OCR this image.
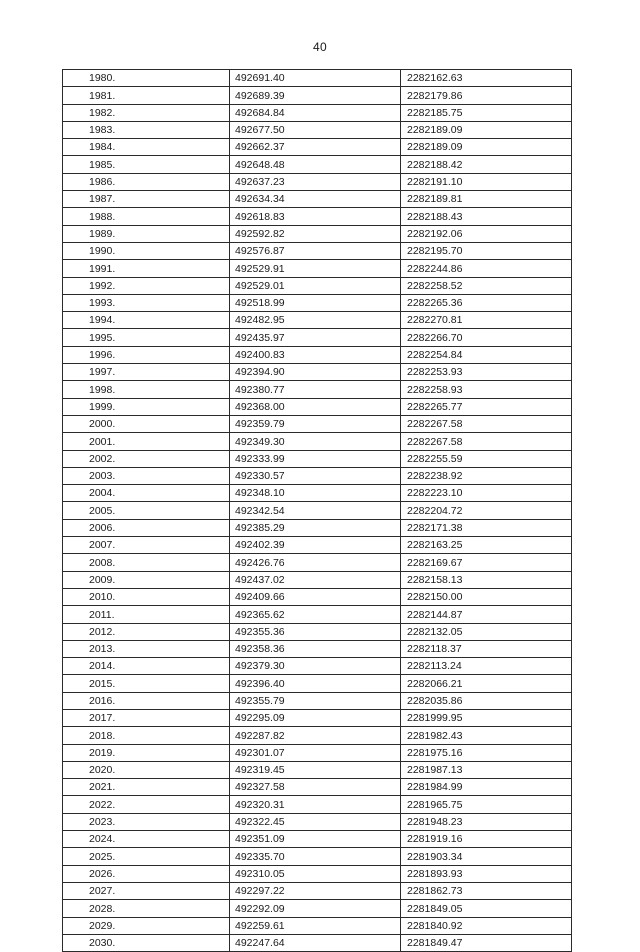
40
1980.	492691.40	2282162.63
1981.	492689.39	2282179.86
1982.	492684.84	2282185.75
1983.	492677.50	2282189.09
1984.	492662.37	2282189.09
1985.	492648.48	2282188.42
1986.	492637.23	2282191.10
1987.	492634.34	2282189.81
1988.	492618.83	2282188.43
1989.	492592.82	2282192.06
1990.	492576.87	2282195.70
1991.	492529.91	2282244.86
1992.	492529.01	2282258.52
1993.	492518.99	2282265.36
1994.	492482.95	2282270.81
1995.	492435.97	2282266.70
1996.	492400.83	2282254.84
1997.	492394.90	2282253.93
1998.	492380.77	2282258.93
1999.	492368.00	2282265.77
2000.	492359.79	2282267.58
2001.	492349.30	2282267.58
2002.	492333.99	2282255.59
2003.	492330.57	2282238.92
2004.	492348.10	2282223.10
2005.	492342.54	2282204.72
2006.	492385.29	2282171.38
2007.	492402.39	2282163.25
2008.	492426.76	2282169.67
2009.	492437.02	2282158.13
2010.	492409.66	2282150.00
2011.	492365.62	2282144.87
2012.	492355.36	2282132.05
2013.	492358.36	2282118.37
2014.	492379.30	2282113.24
2015.	492396.40	2282066.21
2016.	492355.79	2282035.86
2017.	492295.09	2281999.95
2018.	492287.82	2281982.43
2019.	492301.07	2281975.16
2020.	492319.45	2281987.13
2021.	492327.58	2281984.99
2022.	492320.31	2281965.75
2023.	492322.45	2281948.23
2024.	492351.09	2281919.16
2025.	492335.70	2281903.34
2026.	492310.05	2281893.93
2027.	492297.22	2281862.73
2028.	492292.09	2281849.05
2029.	492259.61	2281840.92
2030.	492247.64	2281849.47
